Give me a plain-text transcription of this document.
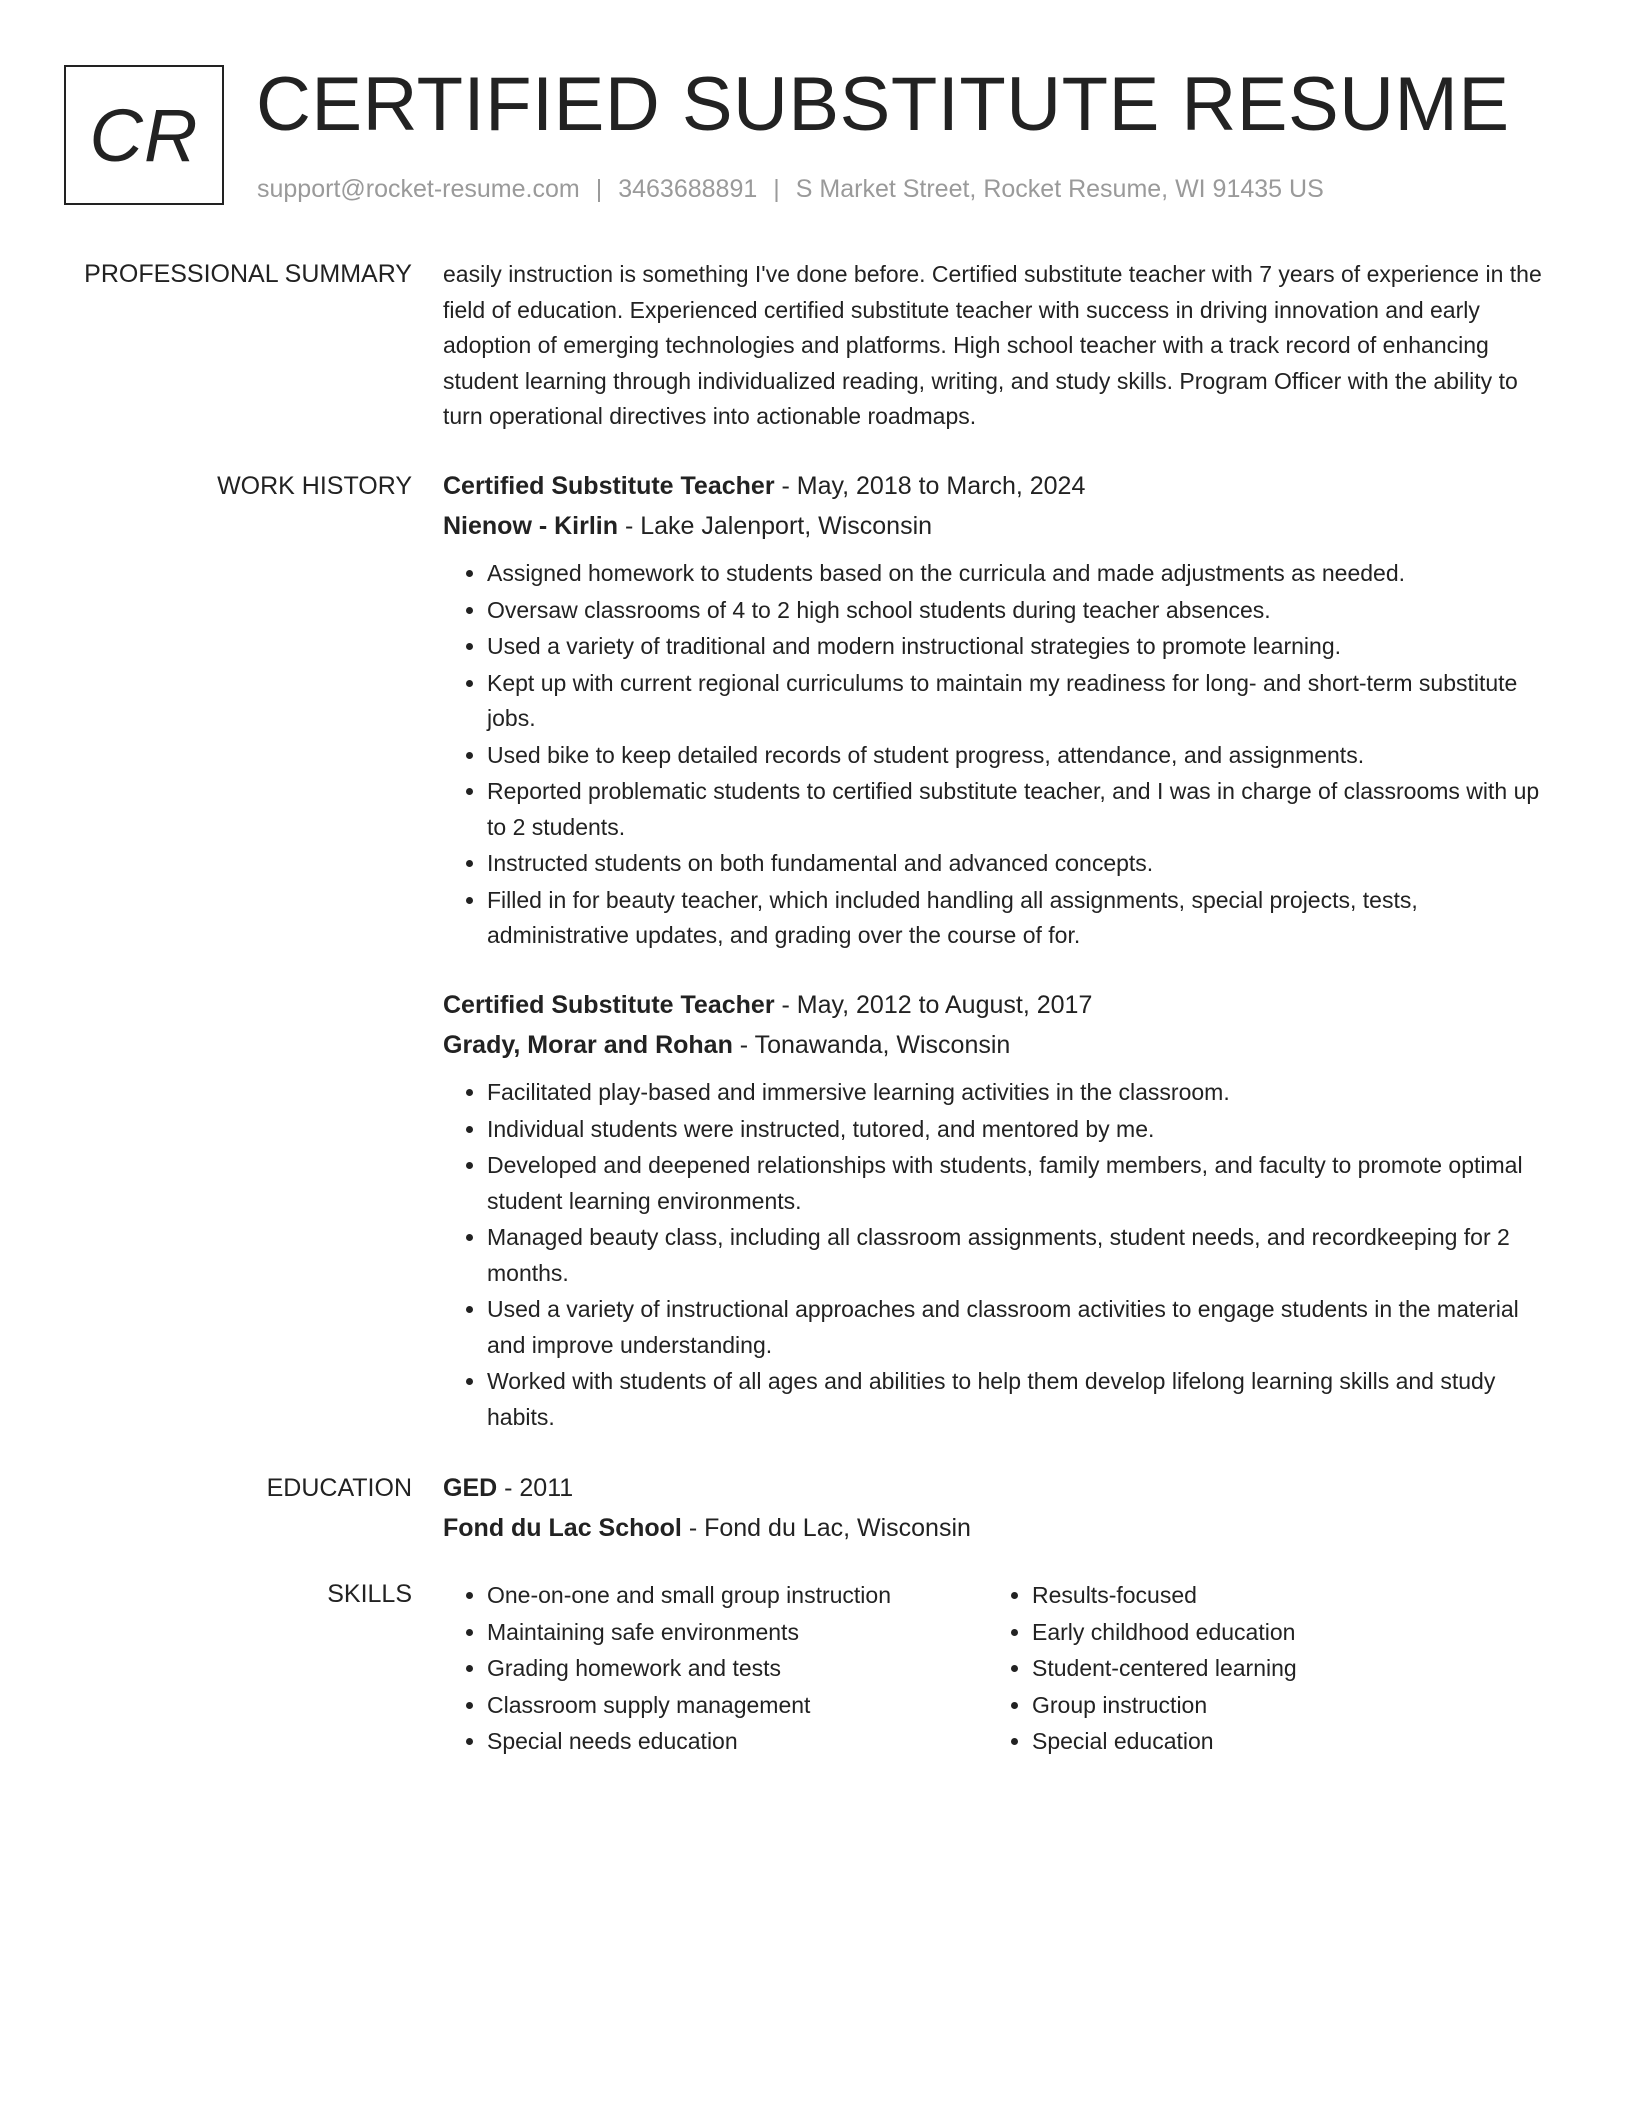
CR CERTIFIED SUBSTITUTE RESUME
support@rocket-resume.com | 3463688891 | S Market Street, Rocket Resume, WI 91435 US
PROFESSIONAL SUMMARY easily instruction is something I've done before. Certified substitute teacher with 7 years of experience in the field of education. Experienced certified substitute teacher with success in driving innovation and early adoption of emerging technologies and platforms. High school teacher with a track record of enhancing student learning through individualized reading, writing, and study skills. Program Officer with the ability to turn operational directives into actionable roadmaps.
WORK HISTORY Certified Substitute Teacher - May, 2018 to March, 2024
Nienow - Kirlin - Lake Jalenport, Wisconsin
• Assigned homework to students based on the curricula and made adjustments as needed.
• Oversaw classrooms of 4 to 2 high school students during teacher absences.
• Used a variety of traditional and modern instructional strategies to promote learning.
• Kept up with current regional curriculums to maintain my readiness for long- and short-term substitute jobs.
• Used bike to keep detailed records of student progress, attendance, and assignments.
• Reported problematic students to certified substitute teacher, and I was in charge of classrooms with up to 2 students.
• Instructed students on both fundamental and advanced concepts.
• Filled in for beauty teacher, which included handling all assignments, special projects, tests, administrative updates, and grading over the course of for.
Certified Substitute Teacher - May, 2012 to August, 2017
Grady, Morar and Rohan - Tonawanda, Wisconsin
• Facilitated play-based and immersive learning activities in the classroom.
• Individual students were instructed, tutored, and mentored by me.
• Developed and deepened relationships with students, family members, and faculty to promote optimal student learning environments.
• Managed beauty class, including all classroom assignments, student needs, and recordkeeping for 2 months.
• Used a variety of instructional approaches and classroom activities to engage students in the material and improve understanding.
• Worked with students of all ages and abilities to help them develop lifelong learning skills and study habits.
EDUCATION GED - 2011
Fond du Lac School - Fond du Lac, Wisconsin
SKILLS
•	One-on-one and small group instruction
• Maintaining safe environments
• Grading homework and tests
• Classroom supply management
• Special needs education
• Results-focused
• Early childhood education
• Student-centered learning
• Group instruction
• Special education
